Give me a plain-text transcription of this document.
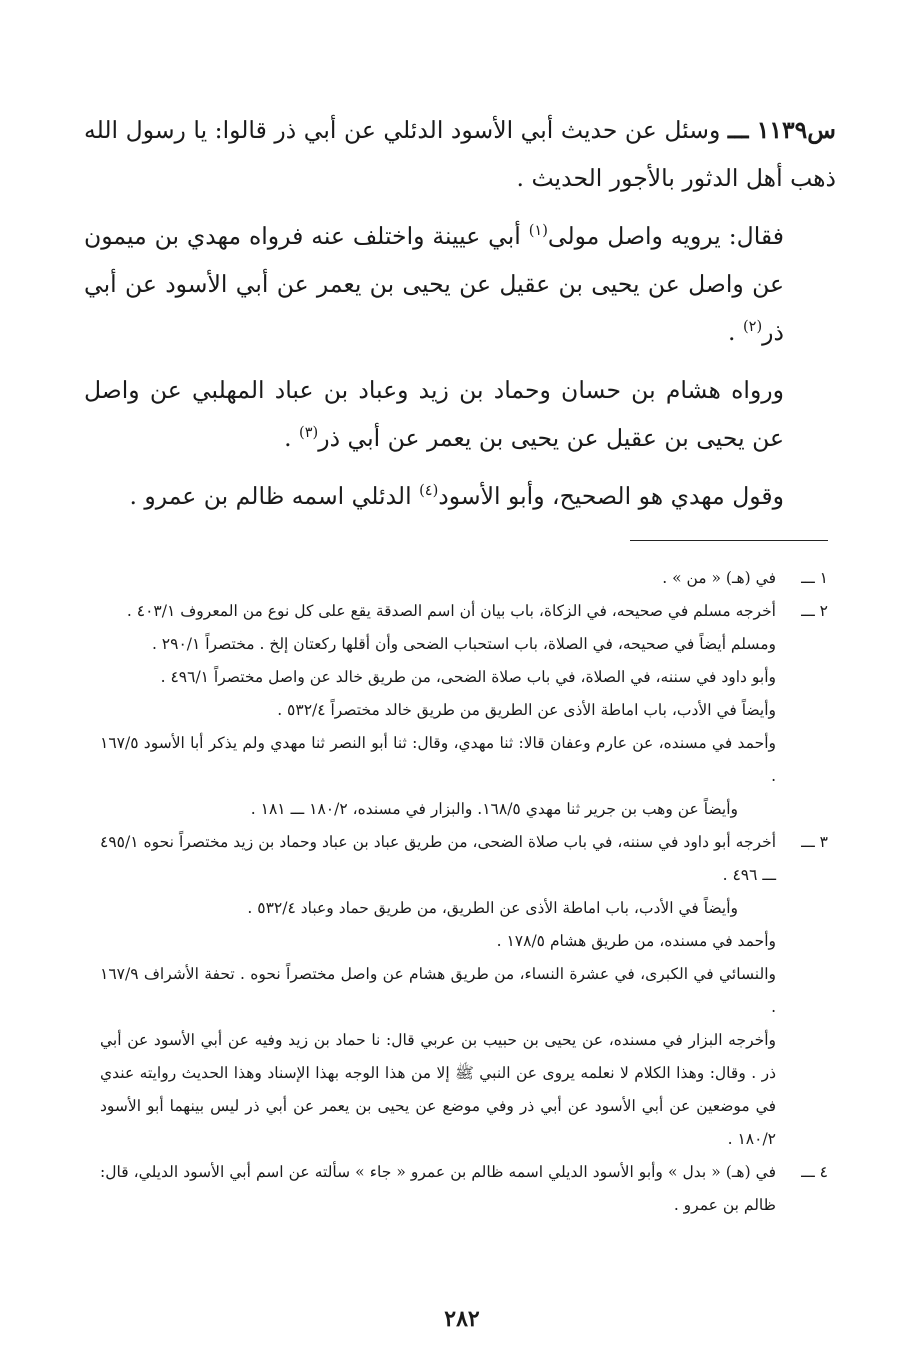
س١١٣٩ ـــ وسئل عن حديث أبي الأسود الدئلي عن أبي ذر قالوا: يا رسول الله ذهب أهل الدثور بالأجور الحديث .

فقال: يرويه واصل مولى$^{(١)}$ أبي عيينة واختلف عنه فرواه مهدي بن ميمون عن واصل عن يحيى بن عقيل عن يحيى بن يعمر عن أبي الأسود عن أبي ذر$^{(٢)}$ .

ورواه هشام بن حسان وحماد بن زيد وعباد بن عباد المهلبي عن واصل عن يحيى بن عقيل عن يحيى بن يعمر عن أبي ذر$^{(٣)}$ .

وقول مهدي هو الصحيح، وأبو الأسود$^{(٤)}$ الدئلي اسمه ظالم بن عمرو .

١ ـــ
في (هـ) « من » .
٢ ـــ
أخرجه مسلم في صحيحه، في الزكاة، باب بيان أن اسم الصدقة يقع على كل نوع من المعروف ٤٠٣/١ .
ومسلم أيضاً في صحيحه، في الصلاة، باب استحباب الضحى وأن أقلها ركعتان إلخ . مختصراً ٢٩٠/١ .
وأبو داود في سننه، في الصلاة، في باب صلاة الضحى، من طريق خالد عن واصل مختصراً ٤٩٦/١ .
وأيضاً في الأدب، باب اماطة الأذى عن الطريق من طريق خالد مختصراً ٥٣٢/٤ .
وأحمد في مسنده، عن عارم وعفان قالا: ثنا مهدي، وقال: ثنا أبو النصر ثنا مهدي ولم يذكر أبا الأسود ١٦٧/٥ .
وأيضاً عن وهب بن جرير ثنا مهدي ١٦٨/٥. والبزار في مسنده، ١٨٠/٢ ـــ ١٨١ .
٣ ـــ
أخرجه أبو داود في سننه، في باب صلاة الضحى، من طريق عباد بن عباد وحماد بن زيد مختصراً نحوه ٤٩٥/١ ـــ ٤٩٦ .
وأيضاً في الأدب، باب اماطة الأذى عن الطريق، من طريق حماد وعباد ٥٣٢/٤ .
وأحمد في مسنده، من طريق هشام ١٧٨/٥ .
والنسائي في الكبرى، في عشرة النساء، من طريق هشام عن واصل مختصراً نحوه . تحفة الأشراف ١٦٧/٩ .
وأخرجه البزار في مسنده، عن يحيى بن حبيب بن عربي قال: نا حماد بن زيد وفيه عن أبي الأسود عن أبي ذر . وقال: وهذا الكلام لا نعلمه يروى عن النبي ﷺ إلا من هذا الوجه بهذا الإسناد وهذا الحديث روايته عندي في موضعين عن أبي الأسود عن أبي ذر وفي موضع عن يحيى بن يعمر عن أبي ذر ليس بينهما أبو الأسود ١٨٠/٢ .
٤ ـــ
في (هـ) « بدل » وأبو الأسود الديلي اسمه ظالم بن عمرو « جاء » سألته عن اسم أبي الأسود الديلي، قال: ظالم بن عمرو .
٢٨٢
